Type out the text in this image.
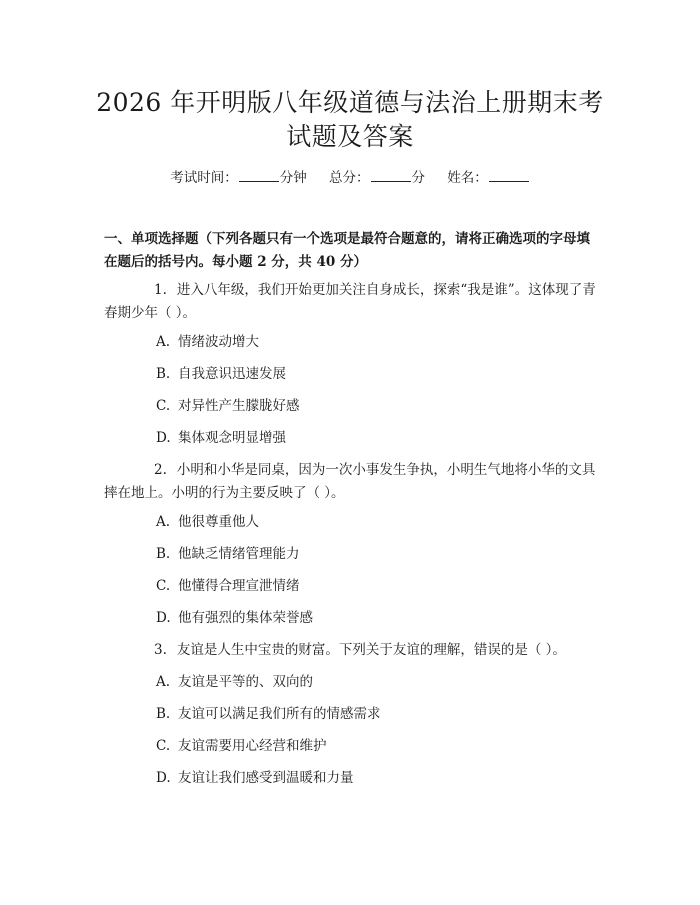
2026 年开明版八年级道德与法治上册期末考
试题及答案
考试时间：	分钟 总分：	分 姓名：

一、单项选择题（下列各题只有一个选项是最符合题意的，请将正确选项的字母填在题后的括号内。每小题 2 分，共 40 分）

1. 进入八年级，我们开始更加关注自身成长，探索“我是谁”。这体现了青春期少年（ ）。

A. 情绪波动增大
B. 自我意识迅速发展
C. 对异性产生朦胧好感
D. 集体观念明显增强

2. 小明和小华是同桌，因为一次小事发生争执，小明生气地将小华的文具摔在地上。小明的行为主要反映了（ ）。

A. 他很尊重他人
B. 他缺乏情绪管理能力
C. 他懂得合理宣泄情绪
D. 他有强烈的集体荣誉感

3. 友谊是人生中宝贵的财富。下列关于友谊的理解，错误的是（ ）。

A. 友谊是平等的、双向的
B. 友谊可以满足我们所有的情感需求
C. 友谊需要用心经营和维护
D. 友谊让我们感受到温暖和力量
